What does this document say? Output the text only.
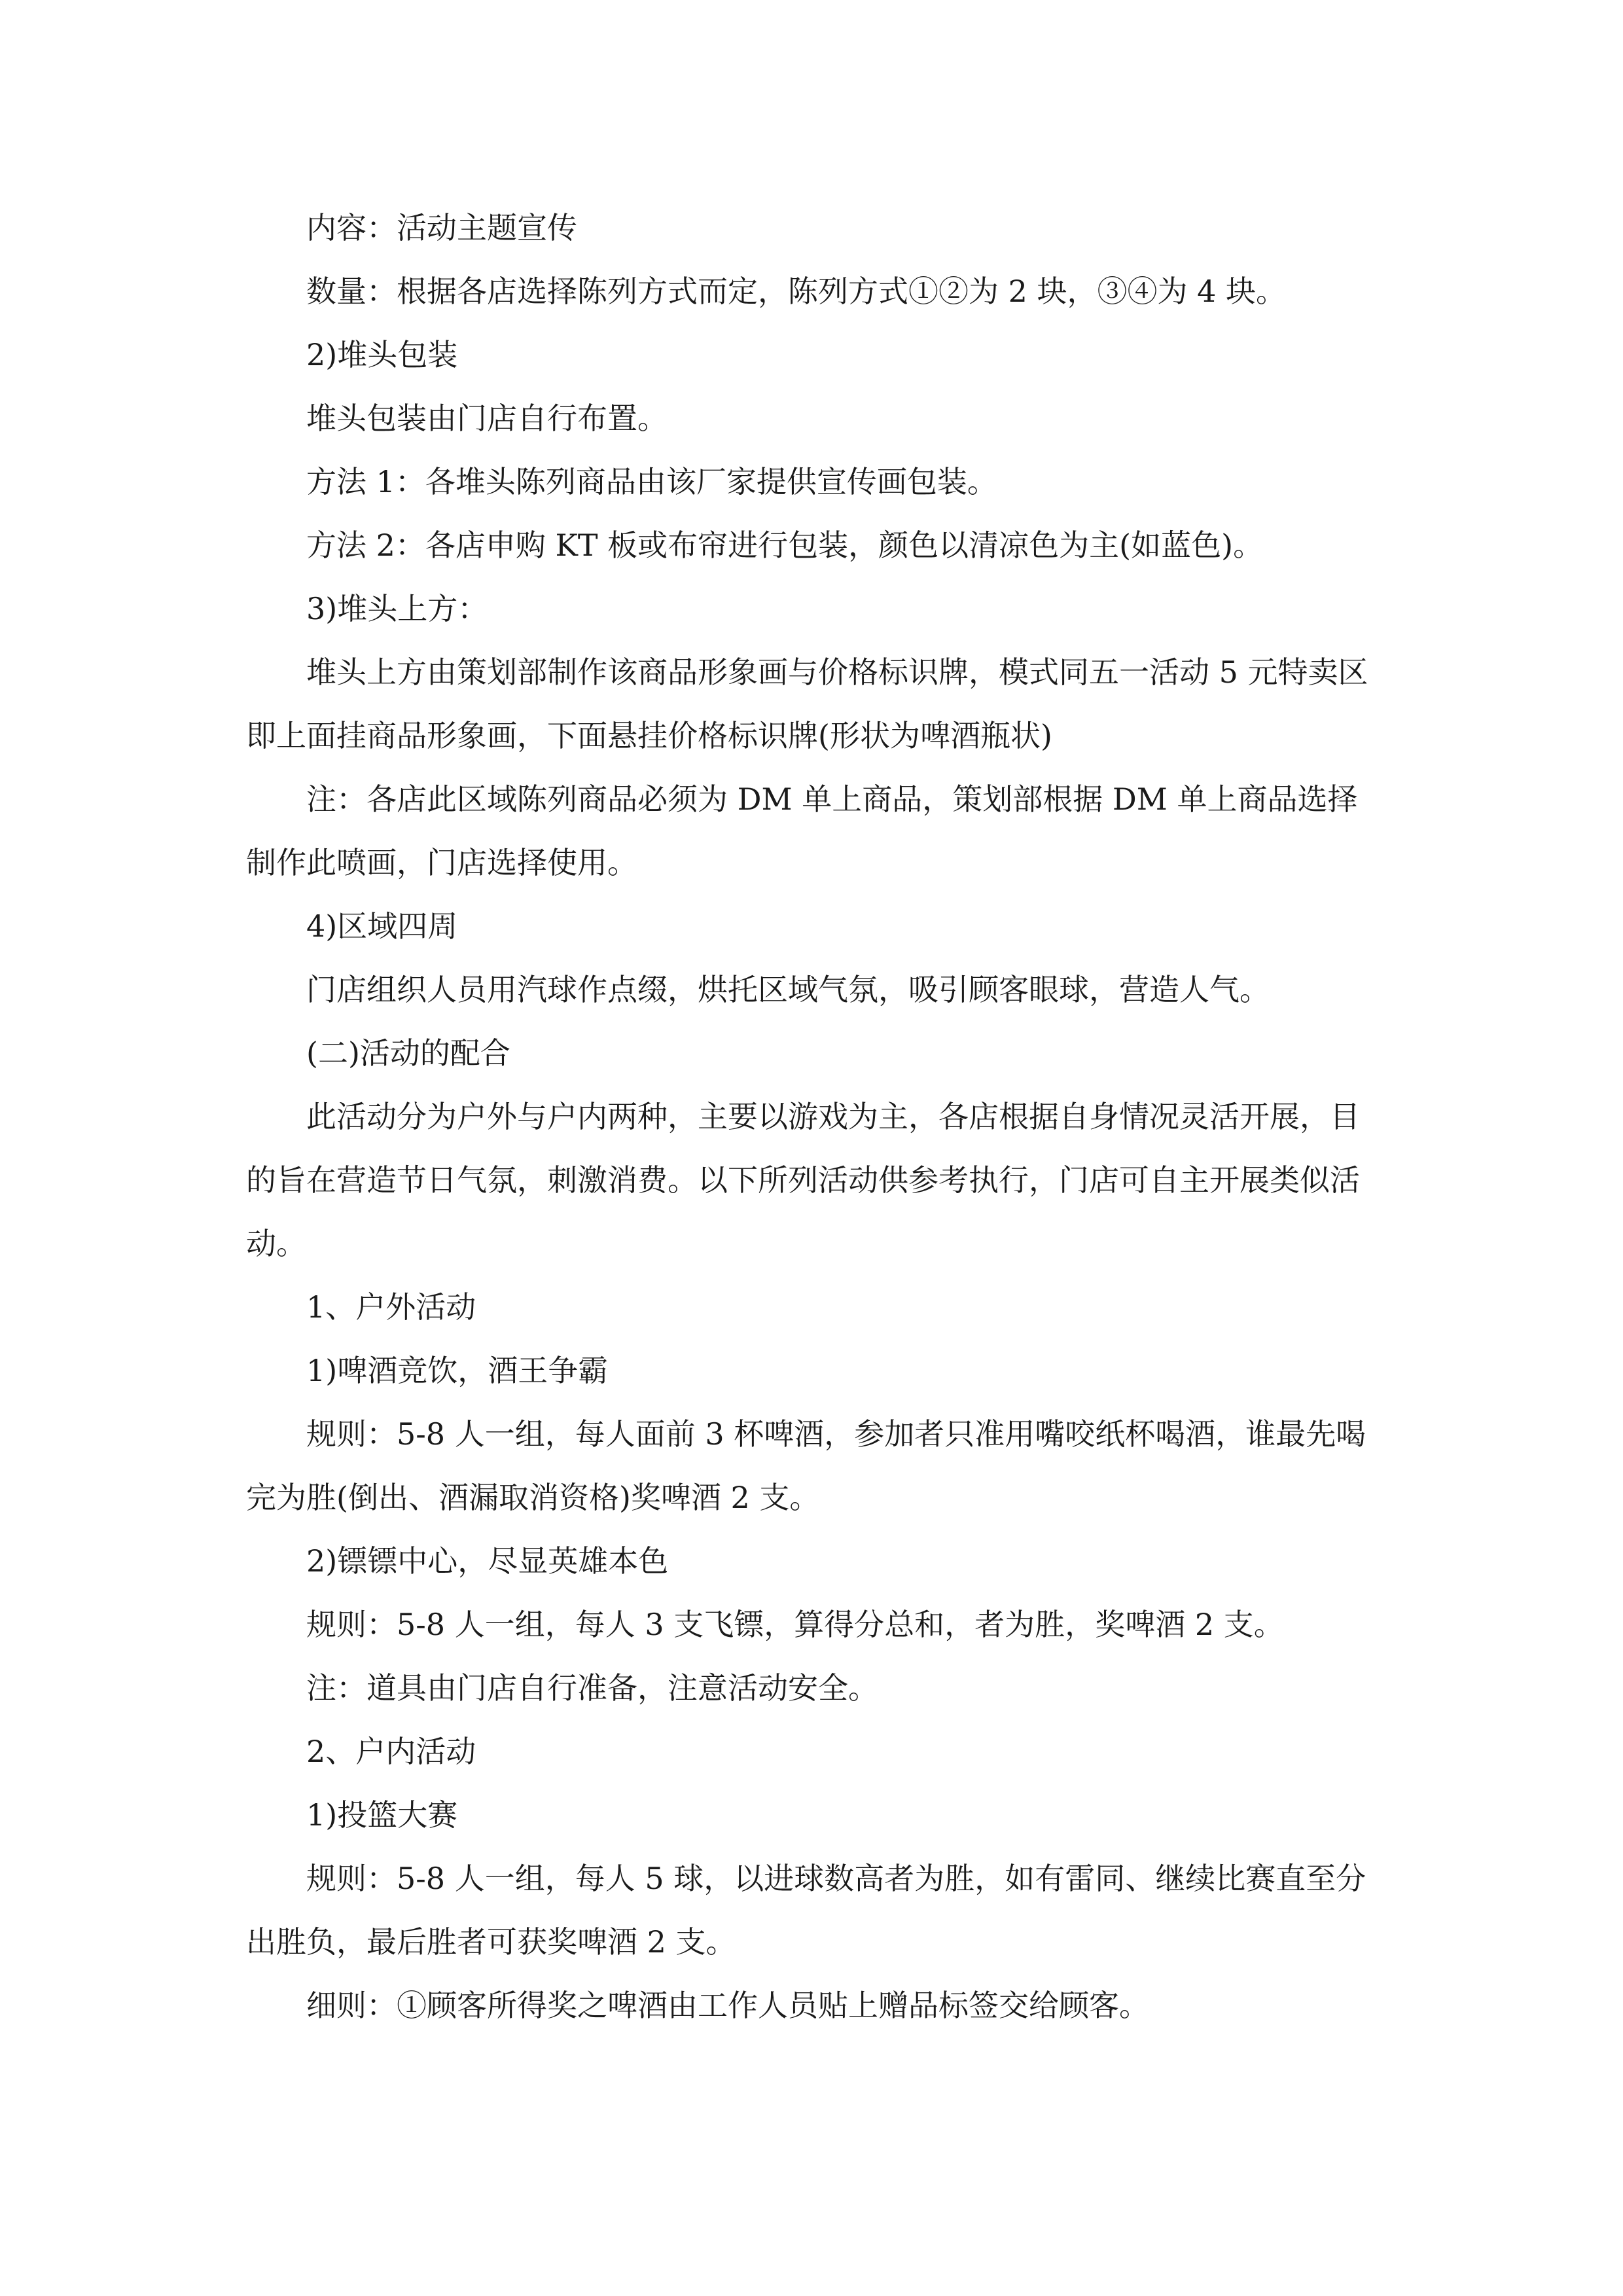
内容：活动主题宣传

数量：根据各店选择陈列方式而定，陈列方式①②为 2 块，③④为 4 块。

2)堆头包装

堆头包装由门店自行布置。

方法 1：各堆头陈列商品由该厂家提供宣传画包装。

方法 2：各店申购 KT 板或布帘进行包装，颜色以清凉色为主(如蓝色)。

3)堆头上方：

堆头上方由策划部制作该商品形象画与价格标识牌，模式同五一活动 5 元特卖区即上面挂商品形象画，下面悬挂价格标识牌(形状为啤酒瓶状)

注：各店此区域陈列商品必须为 DM 单上商品，策划部根据 DM 单上商品选择制作此喷画，门店选择使用。

4)区域四周

门店组织人员用汽球作点缀，烘托区域气氛，吸引顾客眼球，营造人气。

(二)活动的配合

此活动分为户外与户内两种，主要以游戏为主，各店根据自身情况灵活开展，目的旨在营造节日气氛，刺激消费。以下所列活动供参考执行，门店可自主开展类似活动。

1、户外活动

1)啤酒竞饮，酒王争霸

规则：5-8 人一组，每人面前 3 杯啤酒，参加者只准用嘴咬纸杯喝酒，谁最先喝完为胜(倒出、酒漏取消资格)奖啤酒 2 支。

2)镖镖中心，尽显英雄本色

规则：5-8 人一组，每人 3 支飞镖，算得分总和，者为胜，奖啤酒 2 支。

注：道具由门店自行准备，注意活动安全。

2、户内活动

1)投篮大赛

规则：5-8 人一组，每人 5 球，以进球数高者为胜，如有雷同、继续比赛直至分出胜负，最后胜者可获奖啤酒 2 支。

细则：①顾客所得奖之啤酒由工作人员贴上赠品标签交给顾客。
